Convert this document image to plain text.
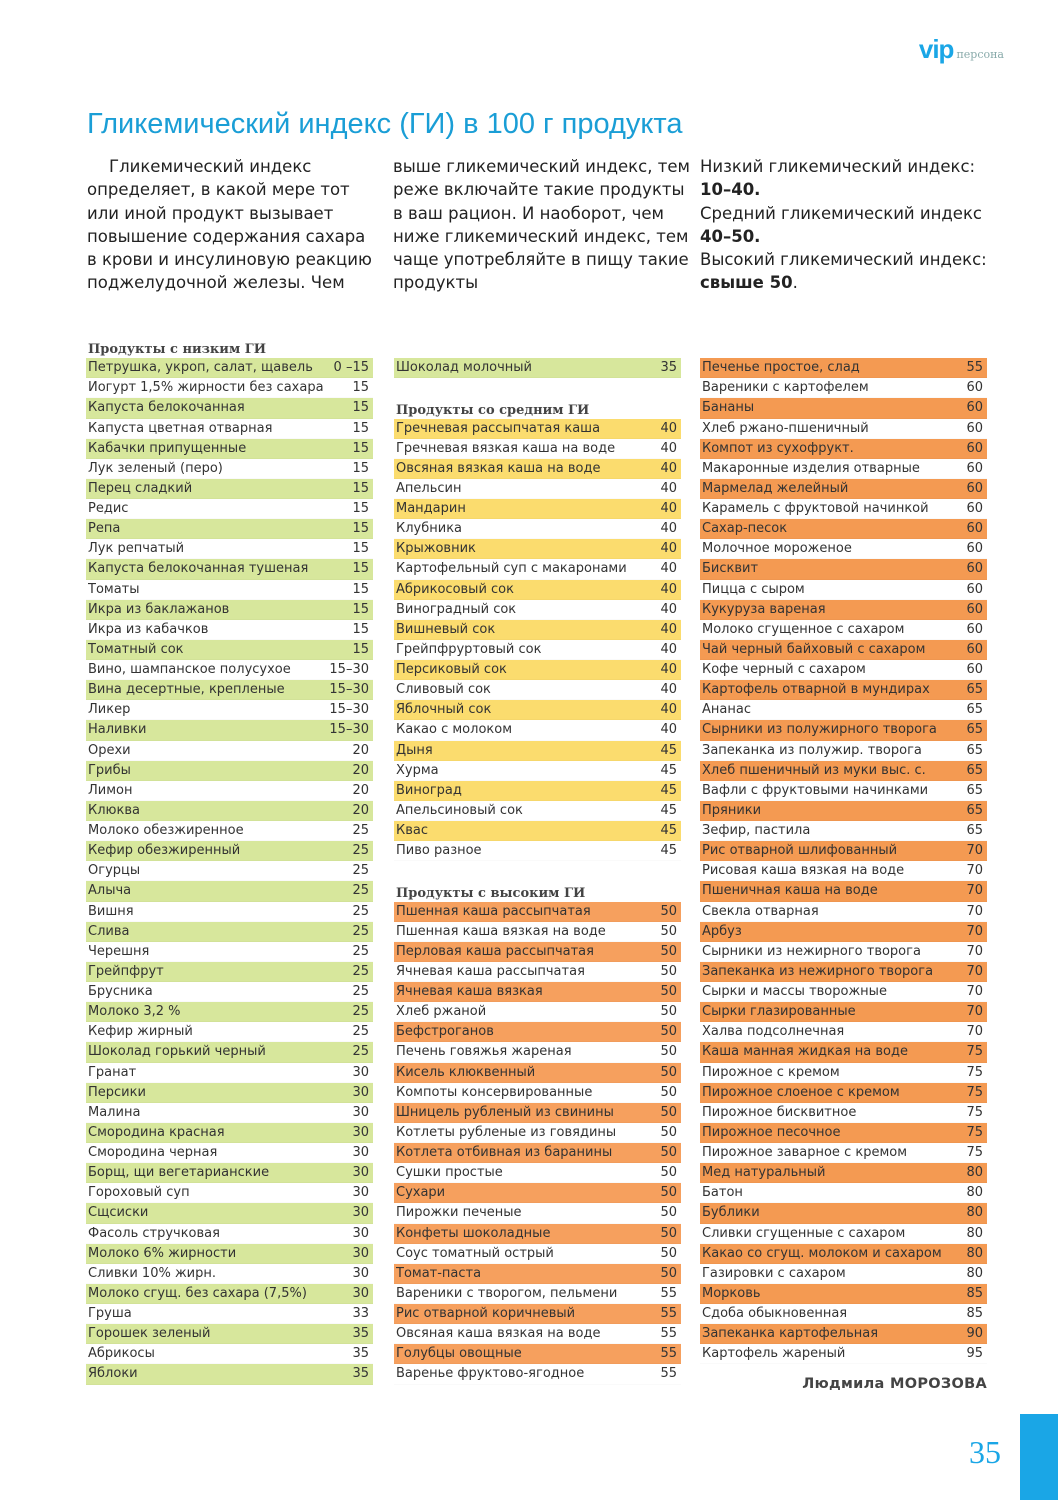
vip персона
Гликемический индекс (ГИ) в 100 г продукта

Гликемический индекс

определяет, в какой мере тот

или иной продукт вызывает

повышение содержания сахара

в крови и инсулиновую реакцию

поджелудочной железы. Чем

выше гликемический индекс, тем

реже включайте такие продукты

в ваш рацион. И наоборот, чем

ниже гликемический индекс, тем

чаще употребляйте в пищу такие

продукты

Низкий гликемический индекс:

10–40.

Средний гликемический индекс

40–50.

Высокий гликемический индекс:

свыше 50.

Продукты с низким ГИ
Петрушка, укроп, салат, щавель	0 –15
Йогурт 1,5% жирности без сахара	15
Капуста белокочанная	15
Капуста цветная отварная	15
Кабачки припущенные	15
Лук зеленый (перо)	15
Перец сладкий	15
Редис	15
Репа	15
Лук репчатый	15
Капуста белокочанная тушеная	15
Томаты	15
Икра из баклажанов	15
Икра из кабачков	15
Томатный сок	15
Вино, шампанское полусухое	15–30
Вина десертные, крепленые	15–30
Ликер	15–30
Наливки	15–30
Орехи	20
Грибы	20
Лимон	20
Клюква	20
Молоко обезжиренное	25
Кефир обезжиренный	25
Огурцы	25
Алыча	25
Вишня	25
Слива	25
Черешня	25
Грейпфрут	25
Брусника	25
Молоко 3,2 %	25
Кефир жирный	25
Шоколад горький черный	25
Гранат	30
Персики	30
Малина	30
Смородина красная	30
Смородина черная	30
Борщ, щи вегетарианские	30
Гороховый суп	30
Сщсиски	30
Фасоль стручковая	30
Молоко 6% жирности	30
Сливки 10% жирн.	30
Молоко сгущ. без сахара (7,5%)	30
Груша	33
Горошек зеленый	35
Абрикосы	35
Яблоки	35
Шоколад молочный	35
Продукты со средним ГИ
Гречневая рассыпчатая каша	40
Гречневая вязкая каша на воде	40
Овсяная вязкая каша на воде	40
Апельсин	40
Мандарин	40
Клубника	40
Крыжовник	40
Картофельный суп с макаронами	40
Абрикосовый сок	40
Виноградный сок	40
Вишневый сок	40
Грейпфруртовый сок	40
Персиковый сок	40
Сливовый сок	40
Яблочный сок	40
Какао с молоком	40
Дыня	45
Хурма	45
Виноград	45
Апельсиновый сок	45
Квас	45
Пиво разное	45
Продукты с высоким ГИ
Пшенная каша рассыпчатая	50
Пшенная каша вязкая на воде	50
Перловая каша рассыпчатая	50
Ячневая каша рассыпчатая	50
Ячневая каша вязкая	50
Хлеб ржаной	50
Бефстроганов	50
Печень говяжья жареная	50
Кисель клюквенный	50
Компоты консервированные	50
Шницель рубленый из свинины	50
Котлеты рубленые из говядины	50
Котлета отбивная из баранины	50
Сушки простые	50
Сухари	50
Пирожки печеные	50
Конфеты шоколадные	50
Соус томатный острый	50
Томат-паста	50
Вареники с творогом, пельмени	55
Рис отварной коричневый	55
Овсяная каша вязкая на воде	55
Голубцы овощные	55
Варенье фруктово-ягодное	55
Печенье простое, слад	55
Вареники с картофелем	60
Бананы	60
Хлеб ржано-пшеничный	60
Компот из сухофрукт.	60
Макаронные изделия отварные	60
Мармелад желейный	60
Карамель с фруктовой начинкой	60
Сахар-песок	60
Молочное мороженое	60
Бисквит	60
Пицца с сыром	60
Кукуруза вареная	60
Молоко сгущенное с сахаром	60
Чай черный байховый с сахаром	60
Кофе черный с сахаром	60
Картофель отварной в мундирах	65
Ананас	65
Сырники из полужирного творога	65
Запеканка из полужир. творога	65
Хлеб пшеничный из муки выс. с.	65
Вафли с фруктовыми начинками	65
Пряники	65
Зефир, пастила	65
Рис отварной шлифованный	70
Рисовая каша вязкая на воде	70
Пшеничная каша на воде	70
Свекла отварная	70
Арбуз	70
Сырники из нежирного творога	70
Запеканка из нежирного творога	70
Сырки и массы творожные	70
Сырки глазированные	70
Халва подсолнечная	70
Каша манная жидкая на воде	75
Пирожное с кремом	75
Пирожное слоеное с кремом	75
Пирожное бисквитное	75
Пирожное песочное	75
Пирожное заварное с кремом	75
Мед натуральный	80
Батон	80
Бублики	80
Сливки сгущенные с сахаром	80
Какао со сгущ. молоком и сахаром	80
Газировки с сахаром	80
Морковь	85
Сдоба обыкновенная	85
Запеканка картофельная	90
Картофель жареный	95
Людмила МОРОЗОВА
35
